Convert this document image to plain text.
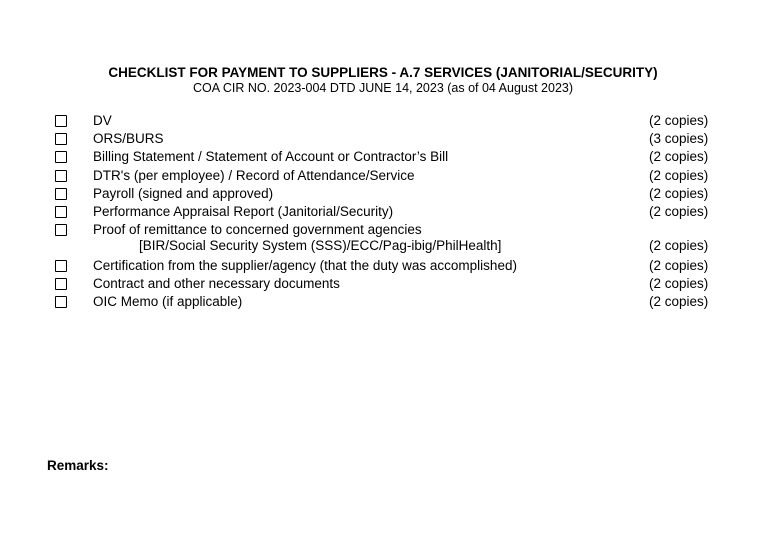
CHECKLIST FOR PAYMENT TO SUPPLIERS - A.7 SERVICES (JANITORIAL/SECURITY)
COA CIR NO. 2023-004 DTD JUNE 14, 2023 (as of 04 August 2023)
DV	(2 copies)
ORS/BURS	(3 copies)
Billing Statement / Statement of Account or Contractor’s Bill	(2 copies)
DTR's (per employee) / Record of Attendance/Service	(2 copies)
Payroll (signed and approved)	(2 copies)
Performance Appraisal Report (Janitorial/Security)	(2 copies)
Proof of remittance to concerned government agencies
[BIR/Social Security System (SSS)/ECC/Pag-ibig/PhilHealth]	(2 copies)
Certification from the supplier/agency (that the duty was accomplished)	(2 copies)
Contract and other necessary documents	(2 copies)
OIC Memo (if applicable)	(2 copies)
Remarks:
